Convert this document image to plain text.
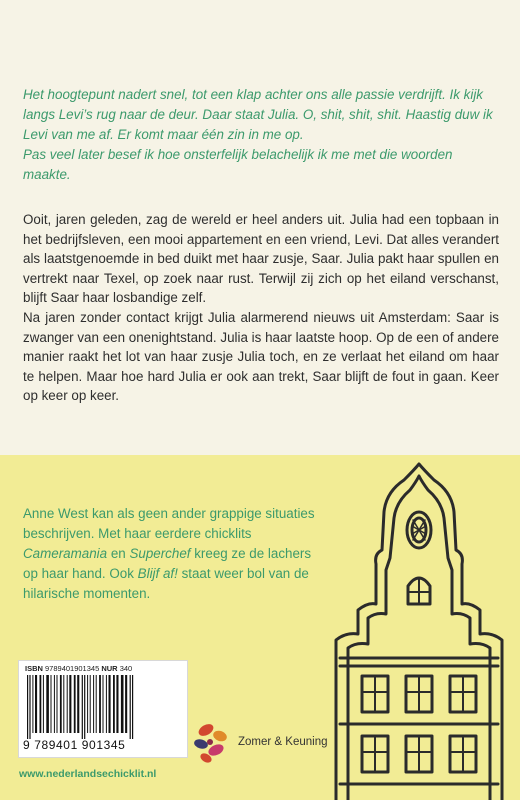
Het hoogtepunt nadert snel, tot een klap achter ons alle passie verdrijft. Ik kijk langs Levi’s rug naar de deur. Daar staat Julia. O, shit, shit, shit. Haastig duw ik Levi van me af. Er komt maar één zin in me op.

Pas veel later besef ik hoe onsterfelijk belachelijk ik me met die woorden maakte.

Ooit, jaren geleden, zag de wereld er heel anders uit. Julia had een topbaan in het bedrijfsleven, een mooi appartement en een vriend, Levi. Dat alles verandert als laatstgenoemde in bed duikt met haar zusje, Saar. Julia pakt haar spullen en vertrekt naar Texel, op zoek naar rust. Terwijl zij zich op het eiland verschanst, blijft Saar haar losbandige zelf.

Na jaren zonder contact krijgt Julia alarmerend nieuws uit Amsterdam: Saar is zwanger van een onenightstand. Julia is haar laatste hoop. Op de een of andere manier raakt het lot van haar zusje Julia toch, en ze verlaat het eiland om haar te helpen. Maar hoe hard Julia er ook aan trekt, Saar blijft de fout in gaan. Keer op keer op keer.

Anne West kan als geen ander grappige situaties beschrijven. Met haar eerdere chicklits Cameramania en Superchef kreeg ze de lachers op haar hand. Ook Blijf af! staat weer bol van de hilarische momenten.
ISBN 9789401901345 NUR 340
9 789401 901345
www.nederlandsechicklit.nl
Zomer & Keuning
